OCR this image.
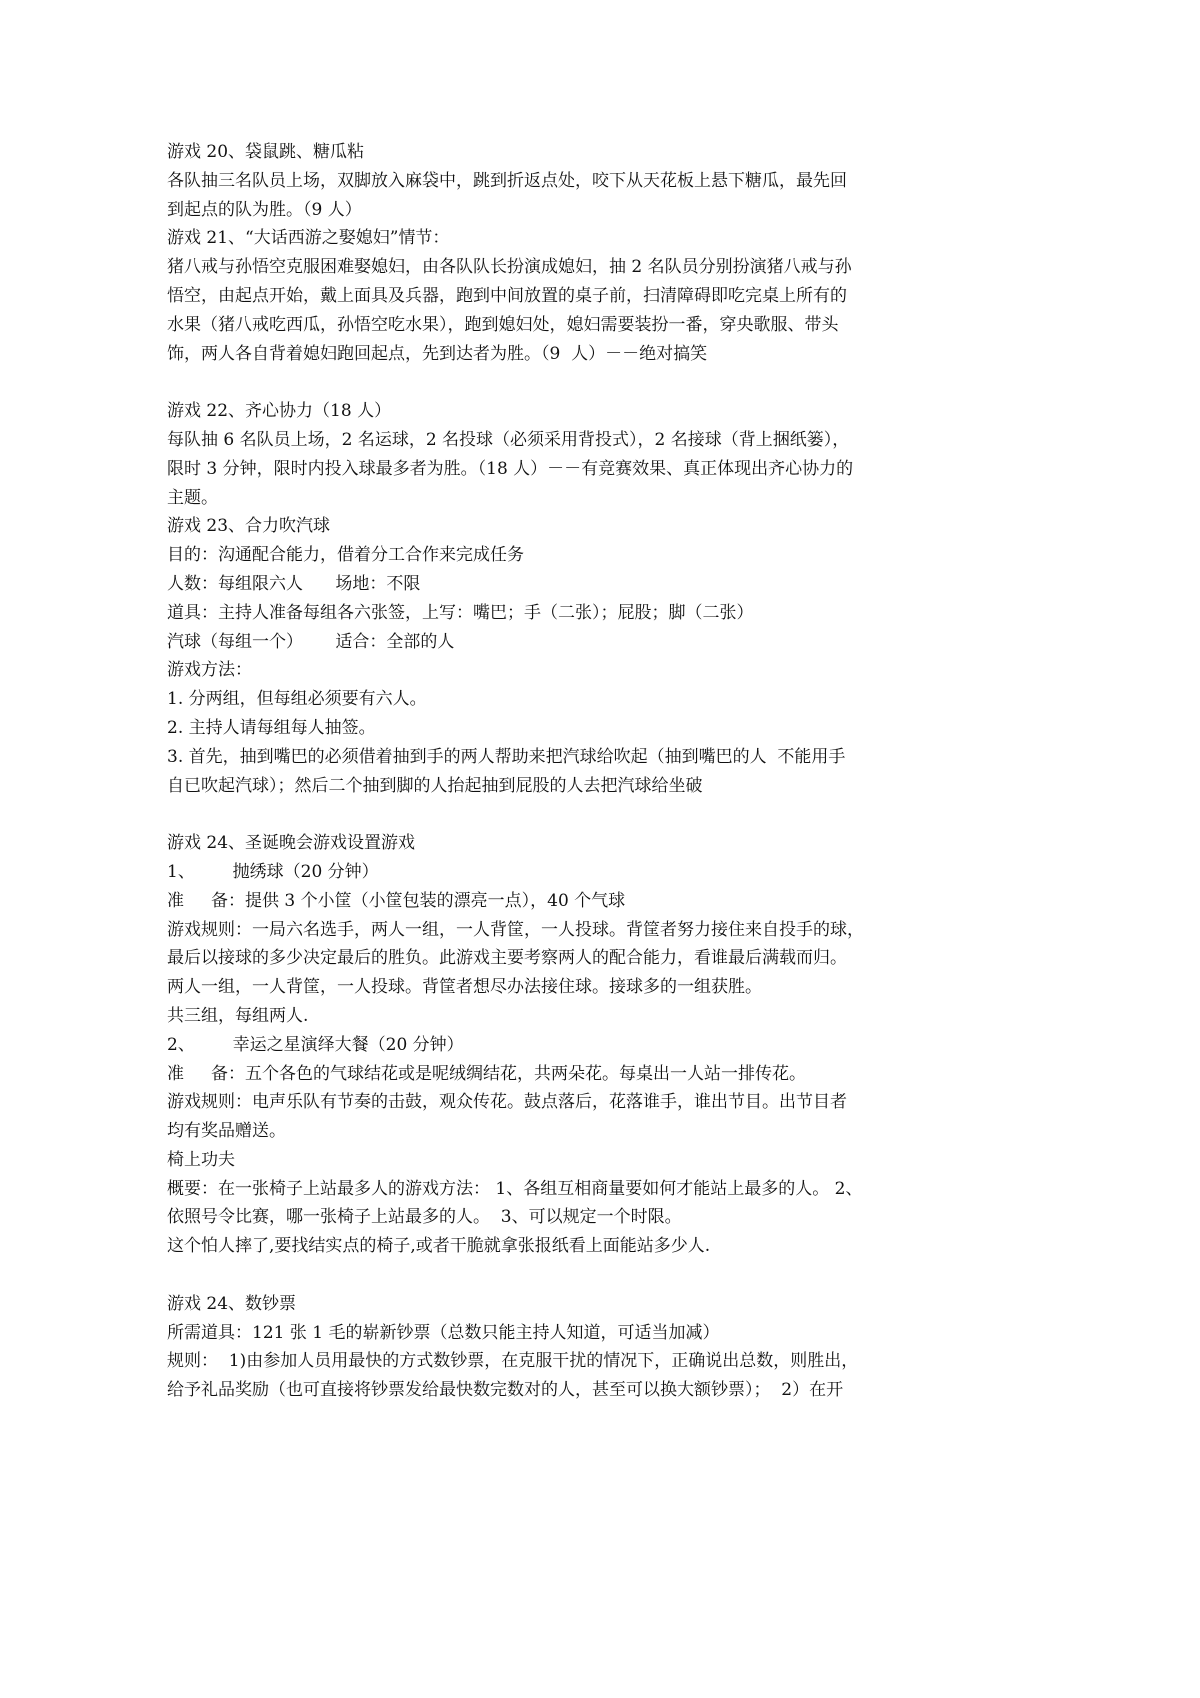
游戏 20、袋鼠跳、糖瓜粘
各队抽三名队员上场，双脚放入麻袋中，跳到折返点处，咬下从天花板上悬下糖瓜，最先回
到起点的队为胜。（9 人）
游戏 21、“大话西游之娶媳妇”情节：
猪八戒与孙悟空克服困难娶媳妇，由各队队长扮演成媳妇，抽 2 名队员分别扮演猪八戒与孙
悟空，由起点开始，戴上面具及兵器，跑到中间放置的桌子前，扫清障碍即吃完桌上所有的
水果（猪八戒吃西瓜，孙悟空吃水果），跑到媳妇处，媳妇需要装扮一番，穿央歌服、带头
饰，两人各自背着媳妇跑回起点，先到达者为胜。（9  人）－－绝对搞笑
游戏 22、齐心协力（18 人）
每队抽 6 名队员上场，2 名运球，2 名投球（必须采用背投式），2 名接球（背上捆纸篓），
限时 3 分钟，限时内投入球最多者为胜。（18 人）－－有竞赛效果、真正体现出齐心协力的
主题。
游戏 23、合力吹汽球
目的：沟通配合能力，借着分工合作来完成任务
人数：每组限六人      场地：不限
道具：主持人准备每组各六张签，上写：嘴巴；手（二张）；屁股；脚（二张）
汽球（每组一个）      适合：全部的人
游戏方法：
1. 分两组，但每组必须要有六人。
2. 主持人请每组每人抽签。
3. 首先，抽到嘴巴的必须借着抽到手的两人帮助来把汽球给吹起（抽到嘴巴的人  不能用手
自已吹起汽球）；然后二个抽到脚的人抬起抽到屁股的人去把汽球给坐破
游戏 24、圣诞晚会游戏设置游戏
1、       抛绣球（20 分钟）
准     备：提供 3 个小筐（小筐包装的漂亮一点），40 个气球
游戏规则：一局六名选手，两人一组，一人背筐，一人投球。背筐者努力接住来自投手的球，
最后以接球的多少决定最后的胜负。此游戏主要考察两人的配合能力，看谁最后满载而归。
两人一组，一人背筐，一人投球。背筐者想尽办法接住球。接球多的一组获胜。
共三组，每组两人.
2、       幸运之星演绎大餐（20 分钟）
准     备：五个各色的气球结花或是呢绒绸结花，共两朵花。每桌出一人站一排传花。
游戏规则：电声乐队有节奏的击鼓，观众传花。鼓点落后，花落谁手，谁出节目。出节目者
均有奖品赠送。
椅上功夫
概要：在一张椅子上站最多人的游戏方法： 1、各组互相商量要如何才能站上最多的人。 2、
依照号令比赛，哪一张椅子上站最多的人。  3、可以规定一个时限。
这个怕人摔了,要找结实点的椅子,或者干脆就拿张报纸看上面能站多少人.
游戏 24、数钞票
所需道具：121 张 1 毛的崭新钞票（总数只能主持人知道，可适当加减）
规则：  1)由参加人员用最快的方式数钞票，在克服干扰的情况下，正确说出总数，则胜出，
给予礼品奖励（也可直接将钞票发给最快数完数对的人，甚至可以换大额钞票）；  2）在开
